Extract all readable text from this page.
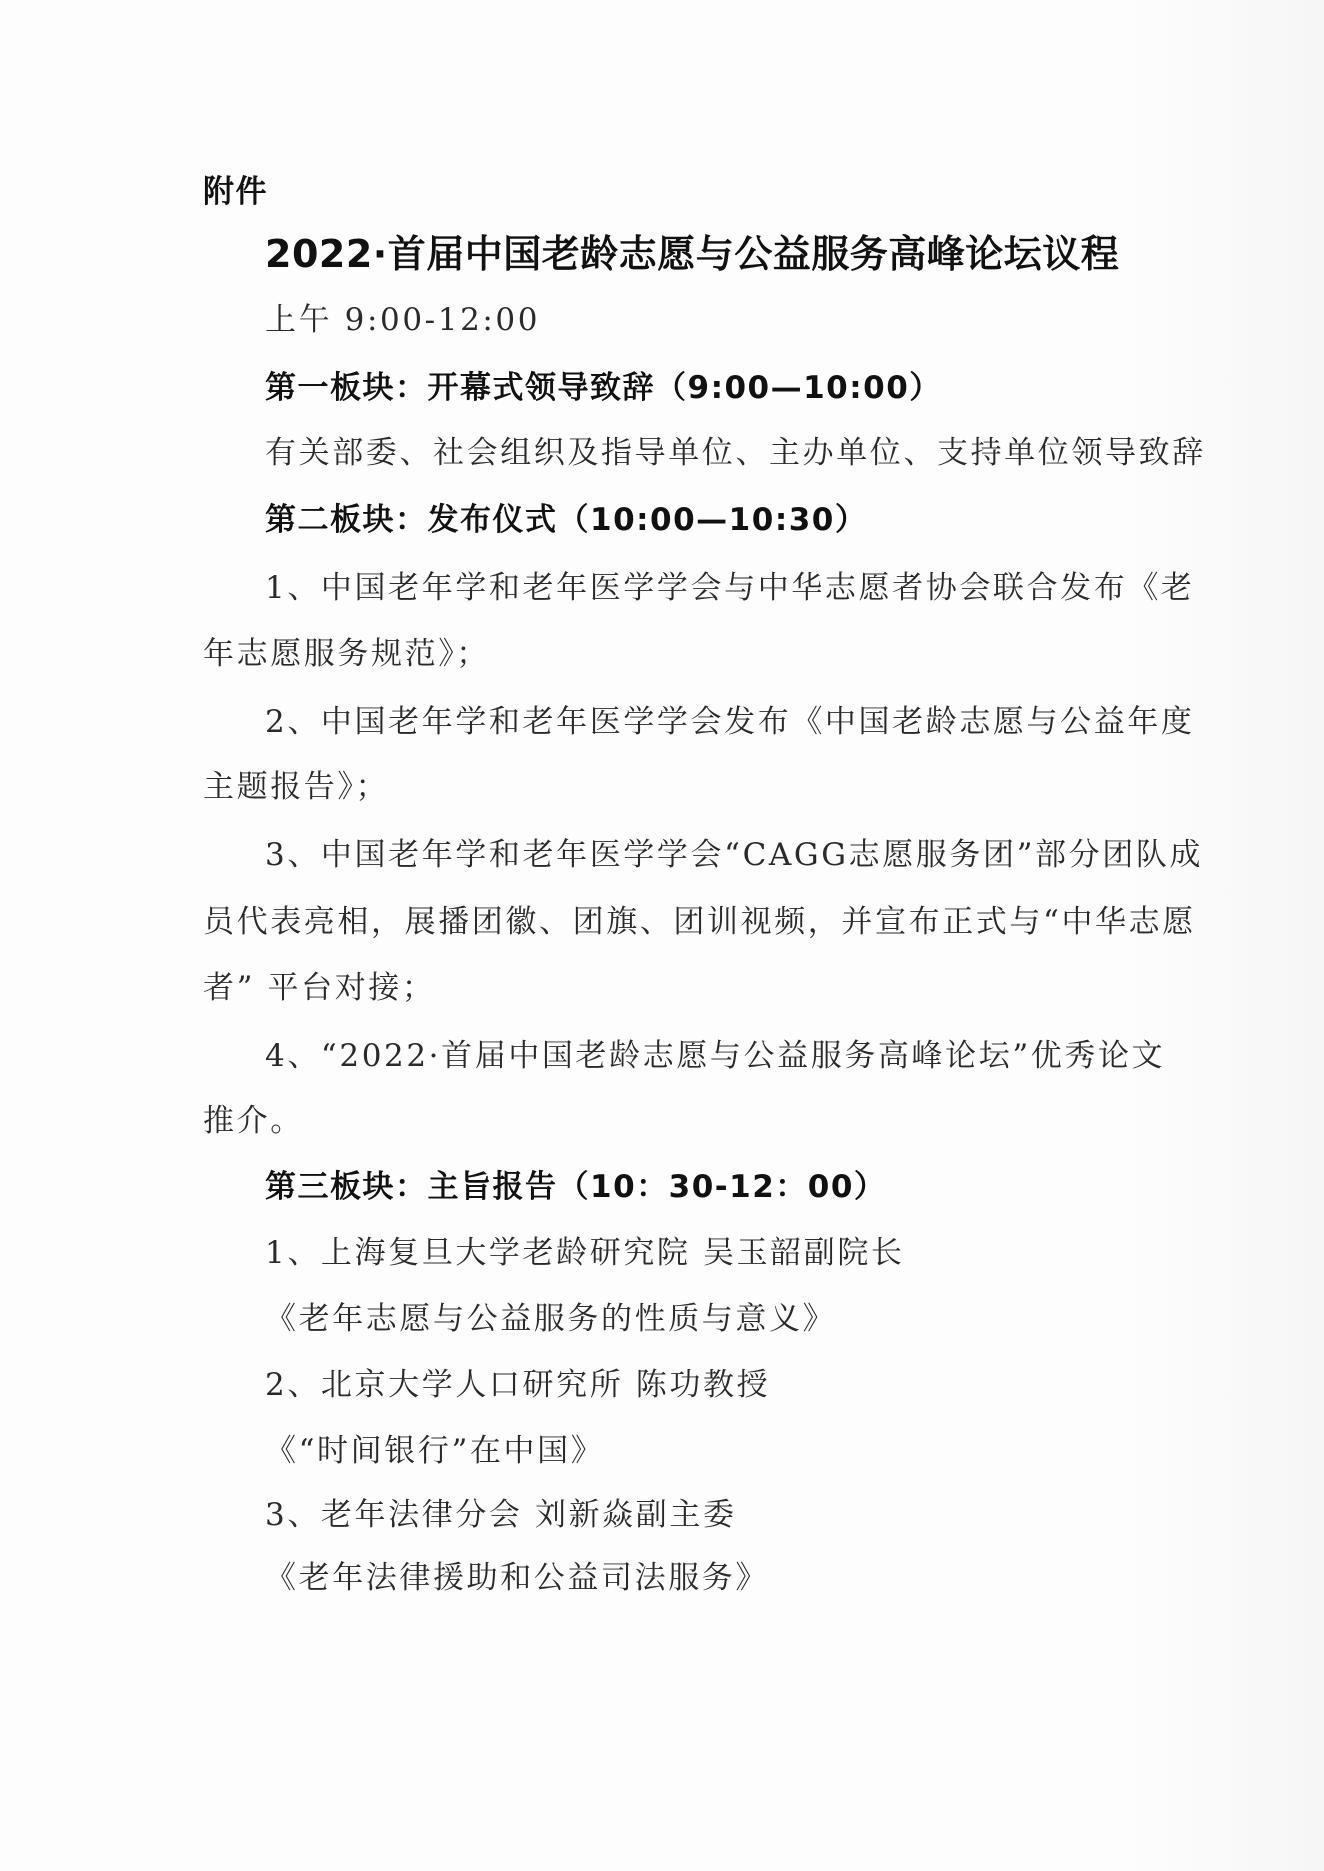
附件
2022·首届中国老龄志愿与公益服务高峰论坛议程
上午 9:00-12:00
第一板块：开幕式领导致辞（9:00—10:00）
有关部委、社会组织及指导单位、主办单位、支持单位领导致辞
第二板块：发布仪式（10:00—10:30）
1、中国老年学和老年医学学会与中华志愿者协会联合发布《老
年志愿服务规范》；
2、中国老年学和老年医学学会发布《中国老龄志愿与公益年度
主题报告》；
3、中国老年学和老年医学学会“CAGG志愿服务团”部分团队成
员代表亮相，展播团徽、团旗、团训视频，并宣布正式与“中华志愿
者” 平台对接；
4、“2022·首届中国老龄志愿与公益服务高峰论坛”优秀论文
推介。
第三板块：主旨报告（10：30-12：00）
1、上海复旦大学老龄研究院 吴玉韶副院长
《老年志愿与公益服务的性质与意义》
2、北京大学人口研究所 陈功教授
《“时间银行”在中国》
3、老年法律分会 刘新焱副主委
《老年法律援助和公益司法服务》
